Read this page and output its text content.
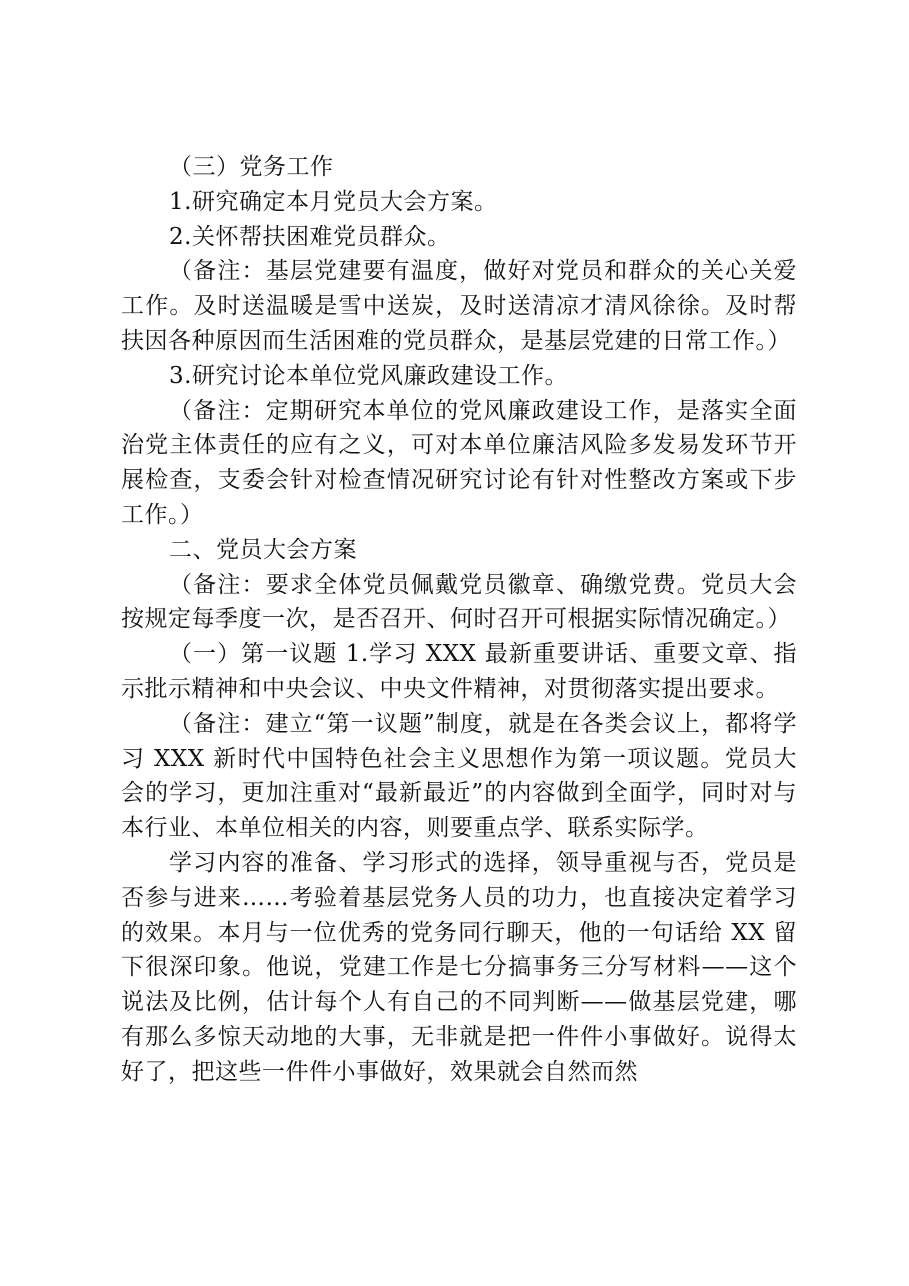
（三）党务工作

1.研究确定本月党员大会方案。

2.关怀帮扶困难党员群众。

（备注：基层党建要有温度，做好对党员和群众的关心关爱工作。及时送温暖是雪中送炭，及时送清凉才清风徐徐。及时帮扶因各种原因而生活困难的党员群众，是基层党建的日常工作。）

3.研究讨论本单位党风廉政建设工作。

（备注：定期研究本单位的党风廉政建设工作，是落实全面治党主体责任的应有之义，可对本单位廉洁风险多发易发环节开展检查，支委会针对检查情况研究讨论有针对性整改方案或下步工作。）

二、党员大会方案

（备注：要求全体党员佩戴党员徽章、确缴党费。党员大会按规定每季度一次，是否召开、何时召开可根据实际情况确定。）

（一）第一议题 1.学习 XXX 最新重要讲话、重要文章、指示批示精神和中央会议、中央文件精神，对贯彻落实提出要求。

（备注：建立“第一议题”制度，就是在各类会议上，都将学习 XXX 新时代中国特色社会主义思想作为第一项议题。党员大会的学习，更加注重对“最新最近”的内容做到全面学，同时对与本行业、本单位相关的内容，则要重点学、联系实际学。

学习内容的准备、学习形式的选择，领导重视与否，党员是否参与进来……考验着基层党务人员的功力，也直接决定着学习的效果。本月与一位优秀的党务同行聊天，他的一句话给 XX 留下很深印象。他说，党建工作是七分搞事务三分写材料——这个说法及比例，估计每个人有自己的不同判断——做基层党建，哪有那么多惊天动地的大事，无非就是把一件件小事做好。说得太好了，把这些一件件小事做好，效果就会自然而然
